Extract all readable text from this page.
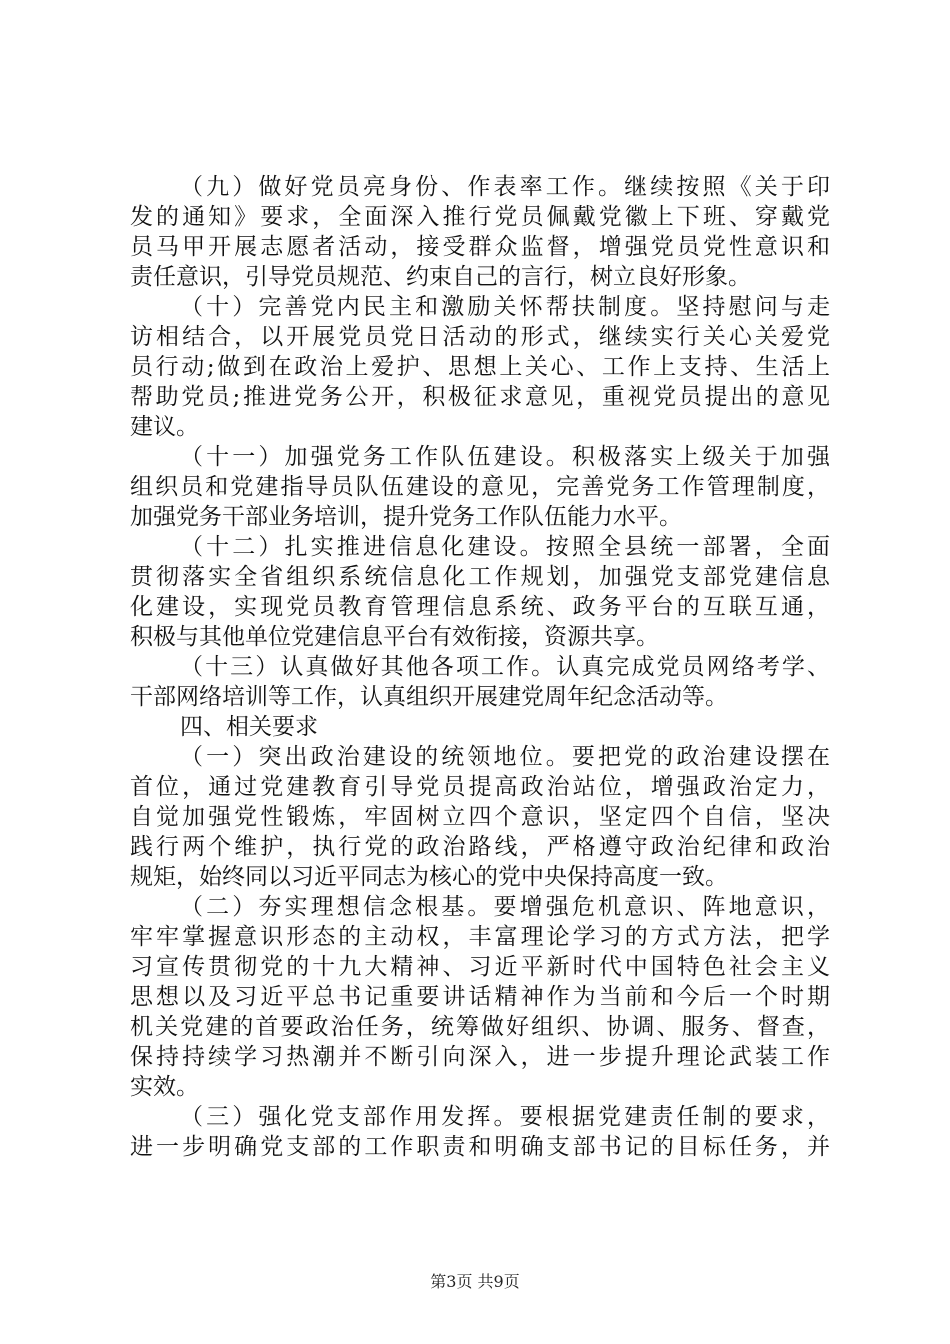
（九）做好党员亮身份、作表率工作。继续按照《关于印
发的通知》要求，全面深入推行党员佩戴党徽上下班、穿戴党
员马甲开展志愿者活动，接受群众监督，增强党员党性意识和
责任意识，引导党员规范、约束自己的言行，树立良好形象。
（十）完善党内民主和激励关怀帮扶制度。坚持慰问与走
访相结合，以开展党员党日活动的形式，继续实行关心关爱党
员行动;做到在政治上爱护、思想上关心、工作上支持、生活上
帮助党员;推进党务公开，积极征求意见，重视党员提出的意见
建议。
（十一）加强党务工作队伍建设。积极落实上级关于加强
组织员和党建指导员队伍建设的意见，完善党务工作管理制度，
加强党务干部业务培训，提升党务工作队伍能力水平。
（十二）扎实推进信息化建设。按照全县统一部署，全面
贯彻落实全省组织系统信息化工作规划，加强党支部党建信息
化建设，实现党员教育管理信息系统、政务平台的互联互通，
积极与其他单位党建信息平台有效衔接，资源共享。
（十三）认真做好其他各项工作。认真完成党员网络考学、
干部网络培训等工作，认真组织开展建党周年纪念活动等。
四、相关要求
（一）突出政治建设的统领地位。要把党的政治建设摆在
首位，通过党建教育引导党员提高政治站位，增强政治定力，
自觉加强党性锻炼，牢固树立四个意识，坚定四个自信，坚决
践行两个维护，执行党的政治路线，严格遵守政治纪律和政治
规矩，始终同以习近平同志为核心的党中央保持高度一致。
（二）夯实理想信念根基。要增强危机意识、阵地意识，
牢牢掌握意识形态的主动权，丰富理论学习的方式方法，把学
习宣传贯彻党的十九大精神、习近平新时代中国特色社会主义
思想以及习近平总书记重要讲话精神作为当前和今后一个时期
机关党建的首要政治任务，统筹做好组织、协调、服务、督查，
保持持续学习热潮并不断引向深入，进一步提升理论武装工作
实效。
（三）强化党支部作用发挥。要根据党建责任制的要求，
进一步明确党支部的工作职责和明确支部书记的目标任务，并
第3页 共9页
